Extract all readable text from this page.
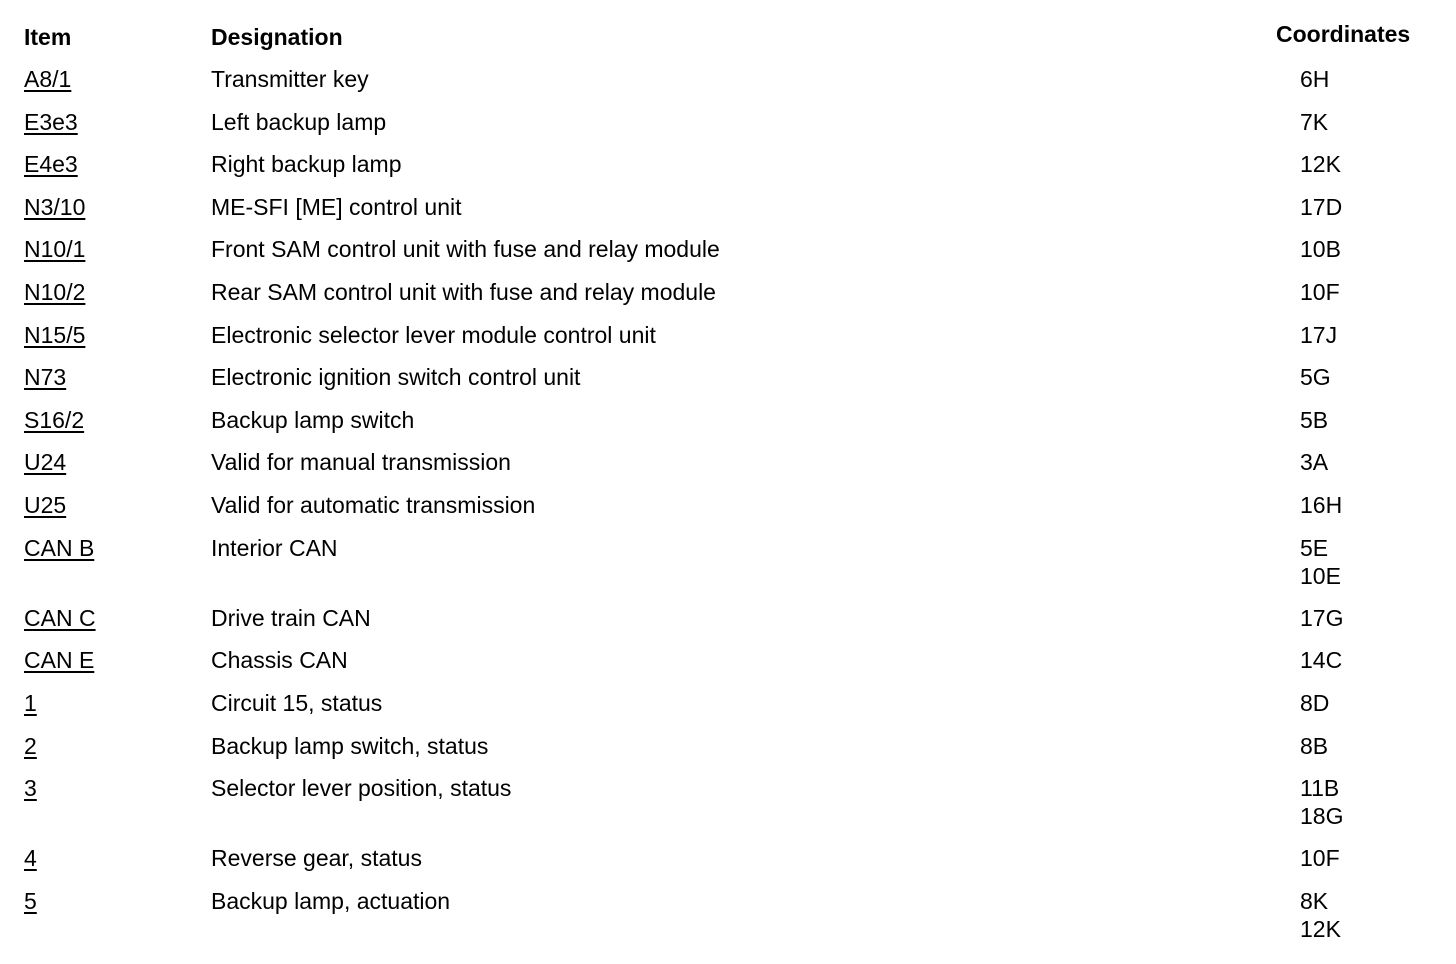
Item	Designation	Coordinates
A8/1	Transmitter key	6H
E3e3	Left backup lamp	7K
E4e3	Right backup lamp	12K
N3/10	ME-SFI [ME] control unit	17D
N10/1	Front SAM control unit with fuse and relay module	10B
N10/2	Rear SAM control unit with fuse and relay module	10F
N15/5	Electronic selector lever module control unit	17J
N73	Electronic ignition switch control unit	5G
S16/2	Backup lamp switch	5B
U24	Valid for manual transmission	3A
U25	Valid for automatic transmission	16H
CAN B	Interior CAN	5E
10E
CAN C	Drive train CAN	17G
CAN E	Chassis CAN	14C
1	Circuit 15, status	8D
2	Backup lamp switch, status	8B
3	Selector lever position, status	11B
18G
4	Reverse gear, status	10F
5	Backup lamp, actuation	8K
12K
